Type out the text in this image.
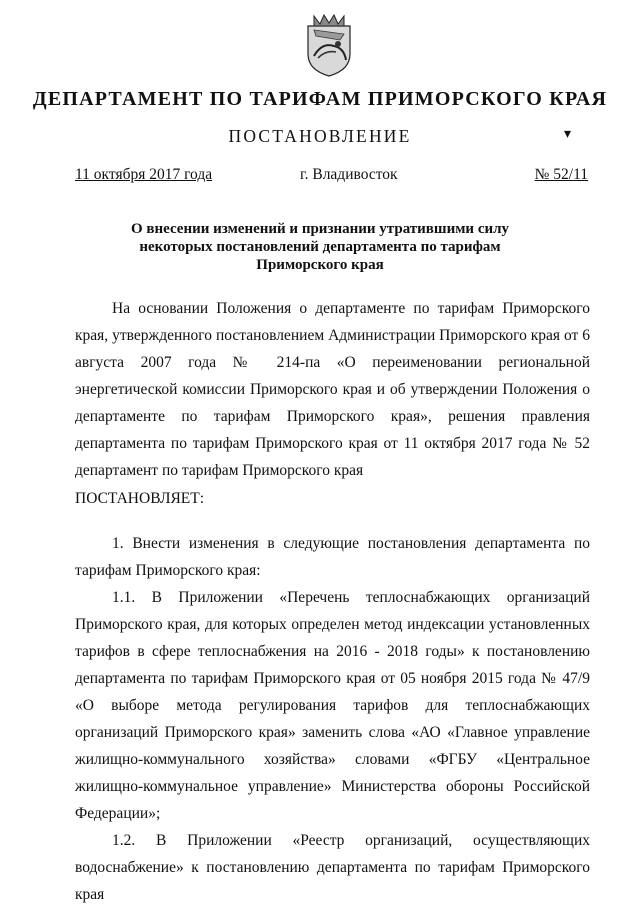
ДЕПАРТАМЕНТ ПО ТАРИФАМ ПРИМОРСКОГО КРАЯ
ПОСТАНОВЛЕНИЕ	▾
11 октября 2017 года	г. Владивосток	№ 52/11
О внесении изменений и признании утратившими силу некоторых постановлений департамента по тарифам Приморского края

На основании Положения о департаменте по тарифам Приморского края, утвержденного постановлением Администрации Приморского края от 6 августа 2007 года № 214-па «О переименовании региональной энергетической комиссии Приморского края и об утверждении Положения о департаменте по тарифам Приморского края», решения правления департамента по тарифам Приморского края от 11 октября 2017 года № 52 департамент по тарифам Приморского края

ПОСТАНОВЛЯЕТ:

1. Внести изменения в следующие постановления департамента по тарифам Приморского края:

1.1. В Приложении «Перечень теплоснабжающих организаций Приморского края, для которых определен метод индексации установленных тарифов в сфере теплоснабжения на 2016 - 2018 годы» к постановлению департамента по тарифам Приморского края от 05 ноября 2015 года № 47/9 «О выборе метода регулирования тарифов для теплоснабжающих организаций Приморского края» заменить слова «АО «Главное управление жилищно-коммунального хозяйства» словами «ФГБУ «Центральное жилищно-коммунальное управление» Министерства обороны Российской Федерации»;

1.2. В Приложении «Реестр организаций, осуществляющих водоснабжение» к постановлению департамента по тарифам Приморского края
